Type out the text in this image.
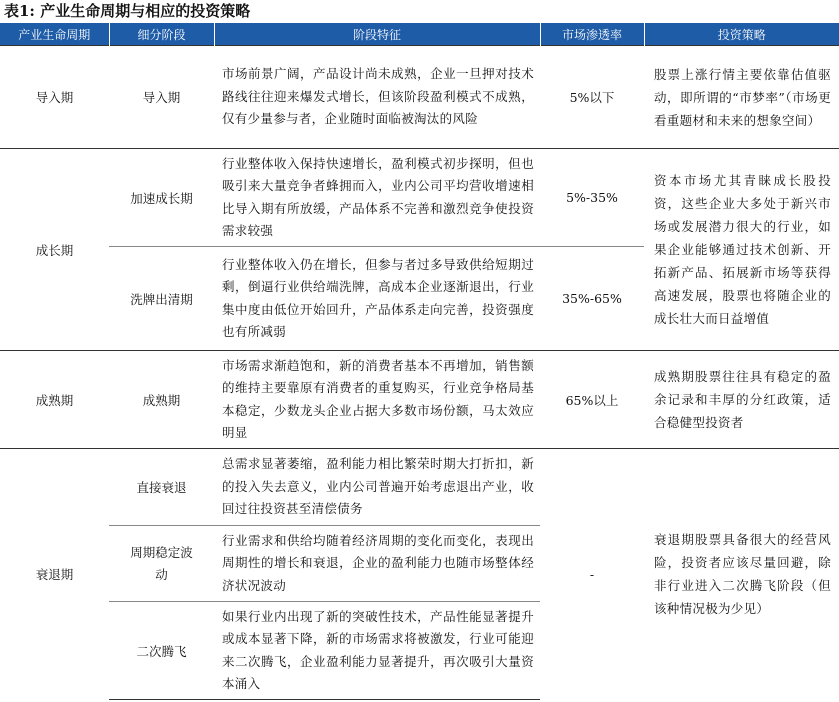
表1: 产业生命周期与相应的投资策略
产业生命周期	细分阶段	阶段特征	市场渗透率	投资策略
导入期	导入期	市场前景广阔，产品设计尚未成熟，企业一旦押对技术路线往往迎来爆发式增长，但该阶段盈利模式不成熟，仅有少量参与者，企业随时面临被淘汰的风险	5%以下	股票上涨行情主要依靠估值驱动，即所谓的“市梦率”（市场更看重题材和未来的想象空间）
成长期	加速成长期	行业整体收入保持快速增长，盈利模式初步探明，但也吸引来大量竞争者蜂拥而入，业内公司平均营收增速相比导入期有所放缓，产品体系不完善和激烈竞争使投资需求较强	5%-35%	资本市场尤其青睐成长股投资，这些企业大多处于新兴市场或发展潜力很大的行业，如果企业能够通过技术创新、开拓新产品、拓展新市场等获得高速发展，股票也将随企业的成长壮大而日益增值
	洗牌出清期	行业整体收入仍在增长，但参与者过多导致供给短期过剩，倒逼行业供给端洗牌，高成本企业逐渐退出，行业集中度由低位开始回升，产品体系走向完善，投资强度也有所减弱	35%-65%	
成熟期	成熟期	市场需求渐趋饱和，新的消费者基本不再增加，销售额的维持主要靠原有消费者的重复购买，行业竞争格局基本稳定，少数龙头企业占据大多数市场份额，马太效应明显	65%以上	成熟期股票往往具有稳定的盈余记录和丰厚的分红政策，适合稳健型投资者
衰退期	直接衰退	总需求显著萎缩，盈利能力相比繁荣时期大打折扣，新的投入失去意义，业内公司普遍开始考虑退出产业，收回过往投资甚至清偿债务	-	衰退期股票具备很大的经营风险，投资者应该尽量回避，除非行业进入二次腾飞阶段（但该种情况极为少见）
	周期稳定波动	行业需求和供给均随着经济周期的变化而变化，表现出周期性的增长和衰退，企业的盈利能力也随市场整体经济状况波动		
	二次腾飞	如果行业内出现了新的突破性技术，产品性能显著提升或成本显著下降，新的市场需求将被激发，行业可能迎来二次腾飞，企业盈利能力显著提升，再次吸引大量资本涌入		
